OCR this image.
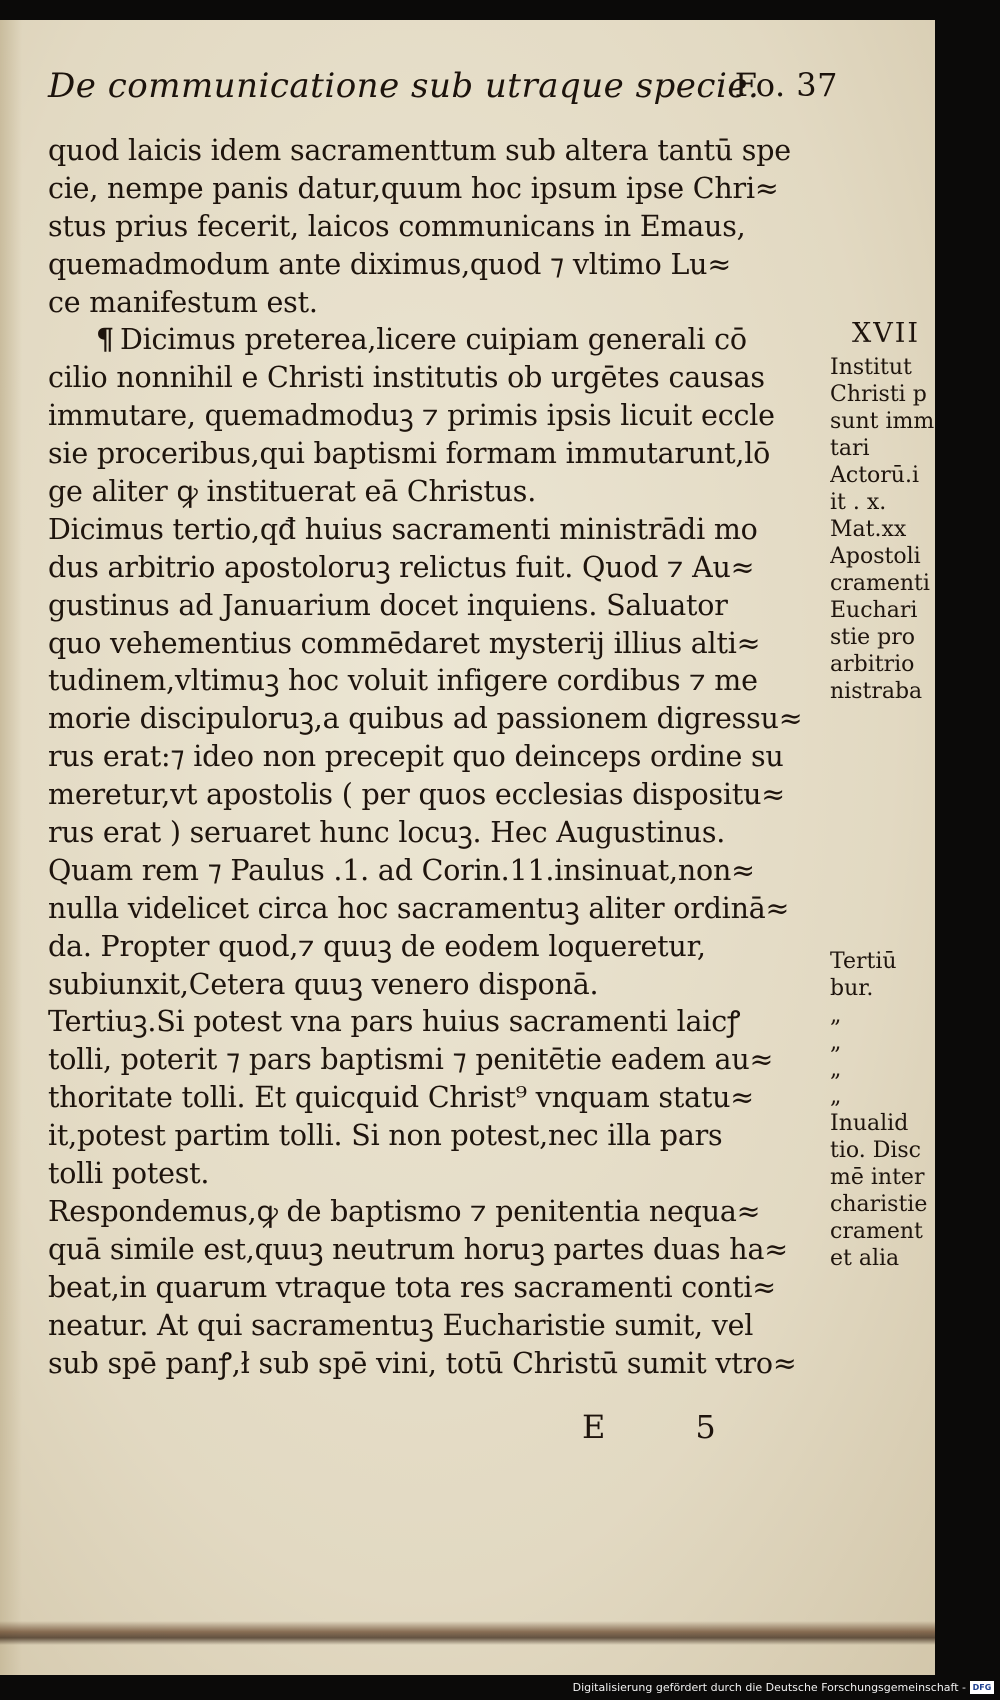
De communicatione sub utraque specie.
Fo. 37
quod laicis idem sacramenttum sub altera tantū spe
cie, nempe panis datur,quum hoc ipsum ipse Chri≈
stus prius fecerit, laicos communicans in Emaus,
quemadmodum ante diximus,quod ⁊ vltimo Lu≈
ce manifestum est.
¶ Dicimus preterea,licere cuipiam generali cō
cilio nonnihil e Christi institutis ob urgētes causas
immutare, quemadmoduꝫ ⁊ primis ipsis licuit eccle
sie proceribus,qui baptismi formam immutarunt,lō
ge aliter ꝙ instituerat eā Christus.
Dicimus tertio,qđ huius sacramenti ministrādi mo
dus arbitrio apostoloruꝫ relictus fuit. Quod ⁊ Au≈
gustinus ad Januarium docet inquiens. Saluator
quo vehementius commēdaret mysterij illius alti≈
tudinem,vltimuꝫ hoc voluit infigere cordibus ⁊ me
morie discipuloruꝫ,a quibus ad passionem digressu≈
rus erat:⁊ ideo non precepit quo deinceps ordine su
meretur,vt apostolis ( per quos ecclesias dispositu≈
rus erat ) seruaret hunc locuꝫ. Hec Augustinus.
Quam rem ⁊ Paulus .1. ad Corin.11.insinuat,non≈
nulla videlicet circa hoc sacramentuꝫ aliter ordinā≈
da. Propter quod,⁊ quuꝫ de eodem loqueretur,
subiunxit,Cetera quuꝫ venero disponā.
Tertiuꝫ.Si potest vna pars huius sacramenti laicꝭ
tolli, poterit ⁊ pars baptismi ⁊ penitētie eadem au≈
thoritate tolli. Et quicquid Christ⁹ vnquam statu≈
it,potest partim tolli. Si non potest,nec illa pars
tolli potest.
Respondemus,ꝙ de baptismo ⁊ penitentia nequa≈
quā simile est,quuꝫ neutrum horuꝫ partes duas ha≈
beat,in quarum vtraque tota res sacramenti conti≈
neatur. At qui sacramentuꝫ Eucharistie sumit, vel
sub spē panꝭ,ł sub spē vini, totū Christū sumit vtro≈
E5
XVII
Institut
Christi p
sunt imm
tari
Actorū.i
it . x.
Mat.xx
Apostoli
cramenti
Euchari
stie pro
arbitrio
nistraba
Tertiū
bur.
„
„
„
„
Inualid
tio. Disc
mē inter
charistie
crament
et alia
Digitalisierung gefördert durch die Deutsche Forschungsgemeinschaft - DFG
